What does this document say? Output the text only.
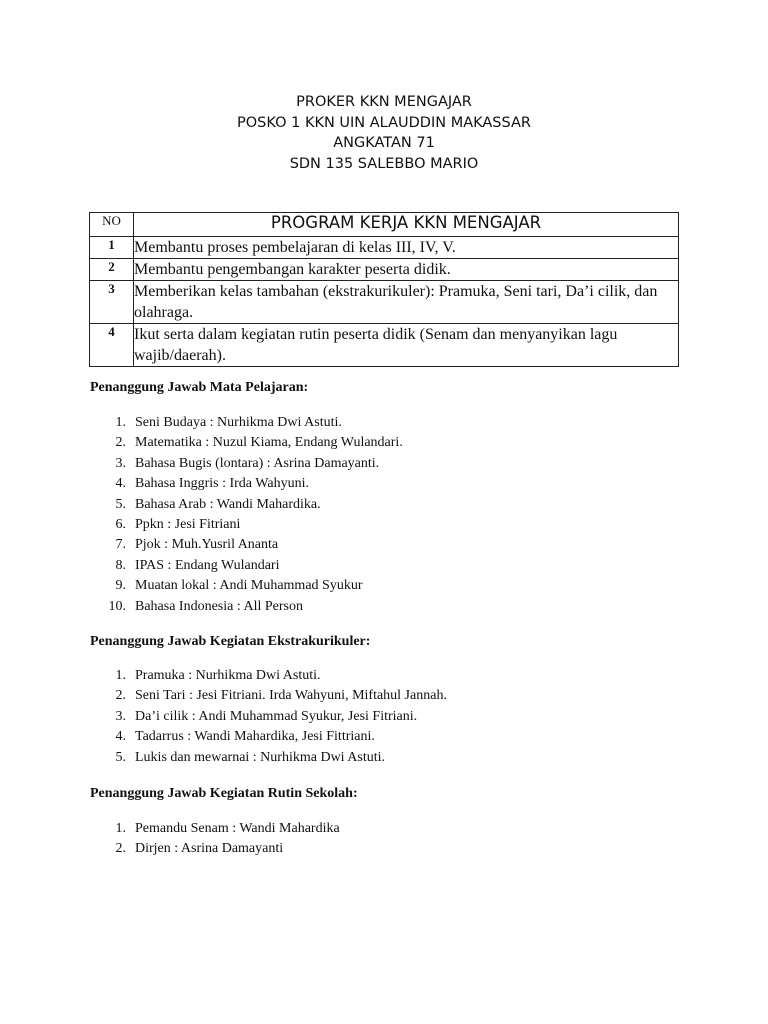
PROKER KKN MENGAJAR
POSKO 1 KKN UIN ALAUDDIN MAKASSAR
ANGKATAN 71
SDN 135 SALEBBO MARIO
NO	PROGRAM KERJA KKN MENGAJAR
1	Membantu proses pembelajaran di kelas III, IV, V.
2	Membantu pengembangan karakter peserta didik.
3	Memberikan kelas tambahan (ekstrakurikuler): Pramuka, Seni tari, Da’i cilik, dan olahraga.
4	Ikut serta dalam kegiatan rutin peserta didik (Senam dan menyanyikan lagu wajib/daerah).
Penanggung Jawab Mata Pelajaran:
1. Seni Budaya : Nurhikma Dwi Astuti.
2. Matematika : Nuzul Kiama, Endang Wulandari.
3. Bahasa Bugis (lontara) : Asrina Damayanti.
4. Bahasa Inggris : Irda Wahyuni.
5. Bahasa Arab : Wandi Mahardika.
6. Ppkn : Jesi Fitriani
7. Pjok : Muh.Yusril Ananta
8. IPAS : Endang Wulandari
9. Muatan lokal : Andi Muhammad Syukur
10. Bahasa Indonesia : All Person
Penanggung Jawab Kegiatan Ekstrakurikuler:
1. Pramuka : Nurhikma Dwi Astuti.
2. Seni Tari : Jesi Fitriani. Irda Wahyuni, Miftahul Jannah.
3. Da’i cilik : Andi Muhammad Syukur, Jesi Fitriani.
4. Tadarrus : Wandi Mahardika, Jesi Fittriani.
5. Lukis dan mewarnai : Nurhikma Dwi Astuti.
Penanggung Jawab Kegiatan Rutin Sekolah:
1. Pemandu Senam : Wandi Mahardika
2. Dirjen : Asrina Damayanti
